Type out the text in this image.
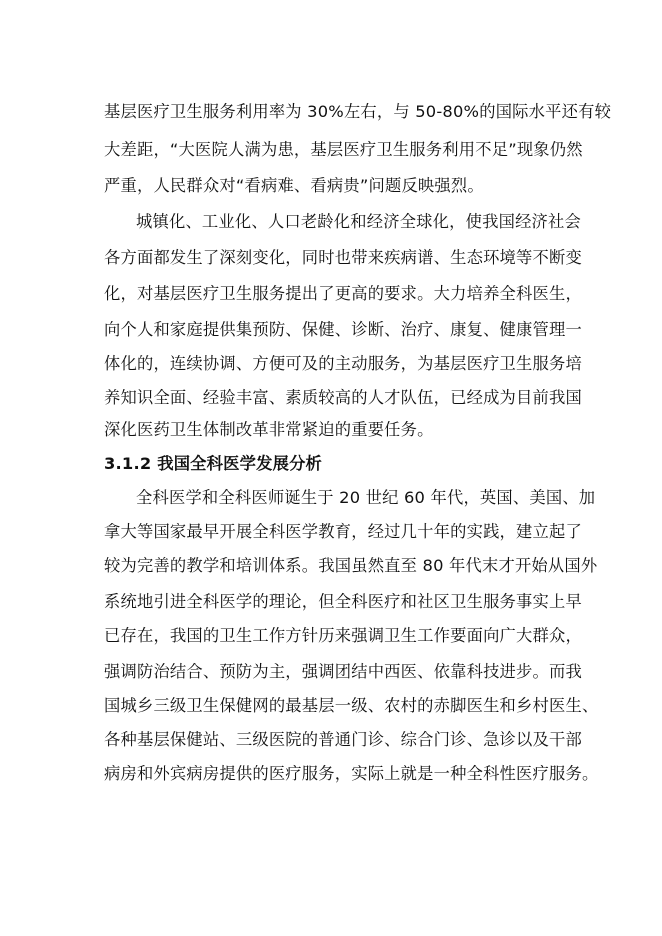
基层医疗卫生服务利用率为 30%左右，与 50-80%的国际水平还有较
大差距，“大医院人满为患，基层医疗卫生服务利用不足”现象仍然
严重，人民群众对“看病难、看病贵”问题反映强烈。
城镇化、工业化、人口老龄化和经济全球化，使我国经济社会
各方面都发生了深刻变化，同时也带来疾病谱、生态环境等不断变
化，对基层医疗卫生服务提出了更高的要求。大力培养全科医生，
向个人和家庭提供集预防、保健、诊断、治疗、康复、健康管理一
体化的，连续协调、方便可及的主动服务，为基层医疗卫生服务培
养知识全面、经验丰富、素质较高的人才队伍，已经成为目前我国
深化医药卫生体制改革非常紧迫的重要任务。
3.1.2 我国全科医学发展分析
全科医学和全科医师诞生于 20 世纪 60 年代，英国、美国、加
拿大等国家最早开展全科医学教育，经过几十年的实践，建立起了
较为完善的教学和培训体系。我国虽然直至 80 年代末才开始从国外
系统地引进全科医学的理论，但全科医疗和社区卫生服务事实上早
已存在，我国的卫生工作方针历来强调卫生工作要面向广大群众，
强调防治结合、预防为主，强调团结中西医、依靠科技进步。而我
国城乡三级卫生保健网的最基层一级、农村的赤脚医生和乡村医生、
各种基层保健站、三级医院的普通门诊、综合门诊、急诊以及干部
病房和外宾病房提供的医疗服务，实际上就是一种全科性医疗服务。
